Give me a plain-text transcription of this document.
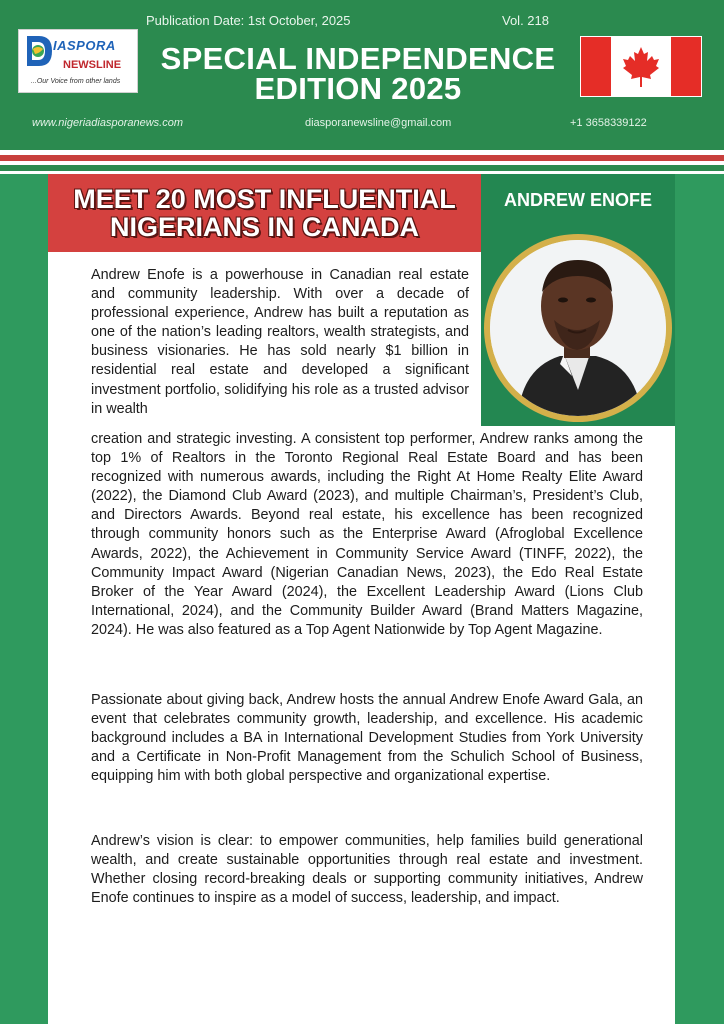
Publication Date: 1st October, 2025	Vol. 218
IASPORA
NEWSLINE
...Our Voice from other lands
SPECIAL INDEPENDENCE
EDITION 2025
www.nigeriadiasporanews.com	diasporanewsline@gmail.com	+1 3658339122
MEET 20 MOST INFLUENTIAL
NIGERIANS IN CANADA
ANDREW ENOFE

Andrew Enofe is a powerhouse in Canadian real estate and community leadership. With over a decade of professional experience, Andrew has built a reputation as one of the nation’s leading realtors, wealth strategists, and business visionaries. He has sold nearly $1 billion in residential real estate and developed a significant investment portfolio, solidifying his role as a trusted advisor in wealth

creation and strategic investing. A consistent top performer, Andrew ranks among the top 1% of Realtors in the Toronto Regional Real Estate Board and has been recognized with numerous awards, including the Right At Home Realty Elite Award (2022), the Diamond Club Award (2023), and multiple Chairman’s, President’s Club, and Directors Awards. Beyond real estate, his excellence has been recognized through community honors such as the Enterprise Award (Afroglobal Excellence Awards, 2022), the Achievement in Community Service Award (TINFF, 2022), the Community Impact Award (Nigerian Canadian News, 2023), the Edo Real Estate Broker of the Year Award (2024), the Excellent Leadership Award (Lions Club International, 2024), and the Community Builder Award (Brand Matters Magazine, 2024). He was also featured as a Top Agent Nationwide by Top Agent Magazine.

Passionate about giving back, Andrew hosts the annual Andrew Enofe Award Gala, an event that celebrates community growth, leadership, and excellence. His academic background includes a BA in International Development Studies from York University and a Certificate in Non-Profit Management from the Schulich School of Business, equipping him with both global perspective and organizational expertise.

Andrew’s vision is clear: to empower communities, help families build generational wealth, and create sustainable opportunities through real estate and investment. Whether closing record-breaking deals or supporting community initiatives, Andrew Enofe continues to inspire as a model of success, leadership, and impact.
